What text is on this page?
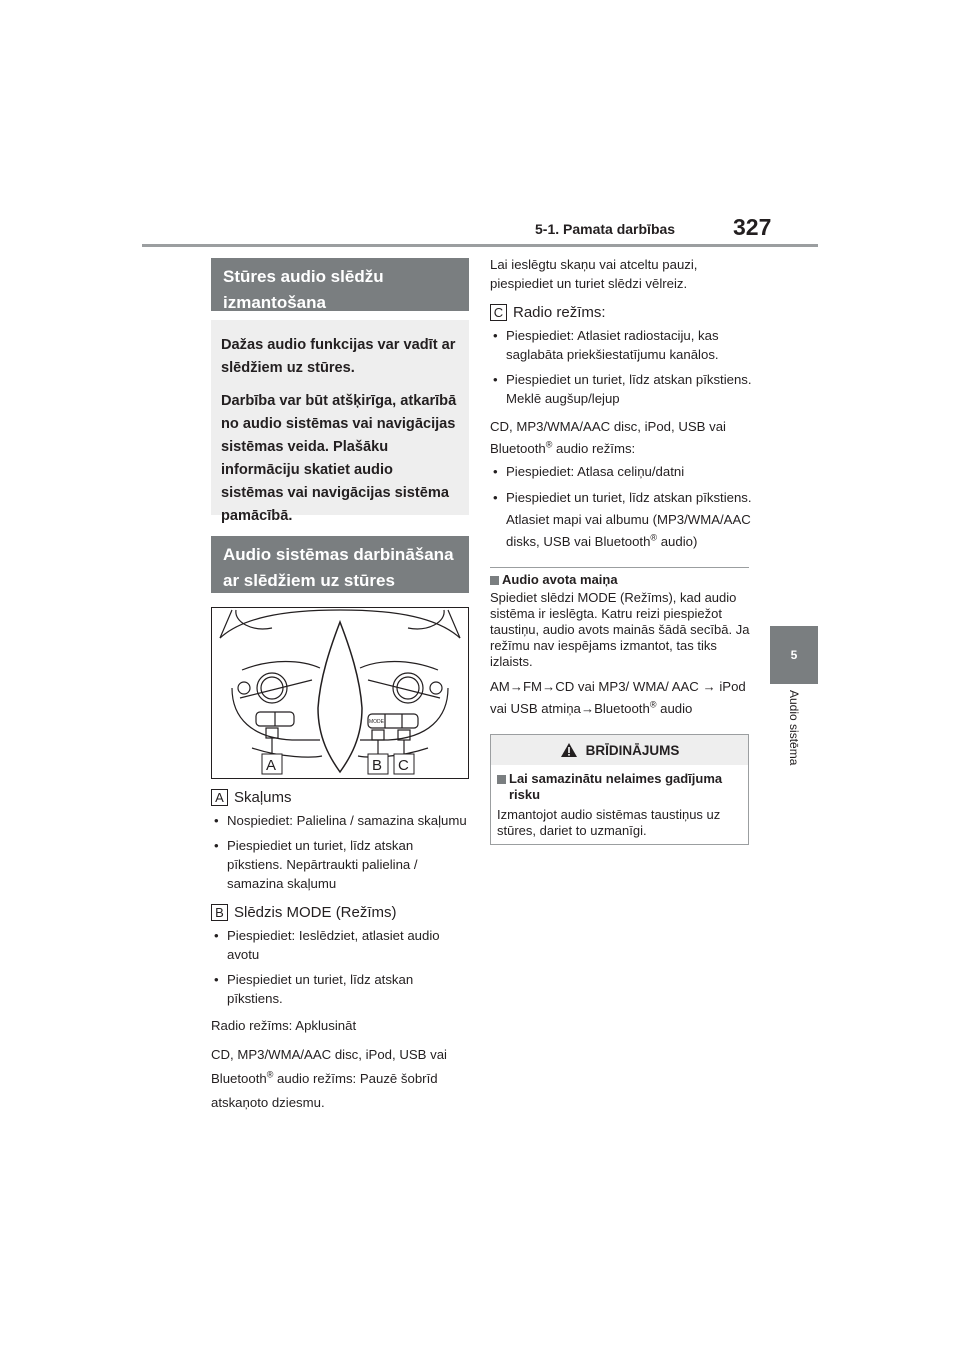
5-1. Pamata darbības	327
5
Audio sistēma
Stūres audio slēdžu izmantošana

Dažas audio funkcijas var vadīt ar slēdžiem uz stūres.

Darbība var būt atšķirīga, atkarībā no audio sistēmas vai navigācijas sistēmas veida. Plašāku informāciju skatiet audio sistēmas vai navigācijas sistēma pamācībā.

Audio sistēmas darbināšana ar slēdžiem uz stūres
MODE
A	B C
A Skaļums

• Nospiediet: Palielina / samazina skaļumu

• Piespiediet un turiet, līdz atskan pīkstiens. Nepārtraukti palielina / samazina skaļumu

B Slēdzis MODE (Režīms)

• Piespiediet: Ieslēdziet, atlasiet audio avotu

• Piespiediet un turiet, līdz atskan pīkstiens.

Radio režīms: Apklusināt

CD, MP3/WMA/AAC disc, iPod, USB vai Bluetooth® audio režīms: Pauzē šobrīd atskaņoto dziesmu.

Lai ieslēgtu skaņu vai atceltu pauzi, piespiediet un turiet slēdzi vēlreiz.

C Radio režīms:

• Piespiediet: Atlasiet radiostaciju, kas saglabāta priekšiestatījumu kanālos.

• Piespiediet un turiet, līdz atskan pīkstiens. Meklē augšup/lejup

CD, MP3/WMA/AAC disc, iPod, USB vai Bluetooth® audio režīms:

• Piespiediet: Atlasa celiņu/datni

• Piespiediet un turiet, līdz atskan pīkstiens. Atlasiet mapi vai albumu (MP3/WMA/AAC disks, USB vai Bluetooth® audio)

Audio avota maiņa

Spiediet slēdzi MODE (Režīms), kad audio sistēma ir ieslēgta. Katru reizi piespiežot taustiņu, audio avots mainās šādā secībā. Ja režīmu nav iespējams izmantot, tas tiks izlaists.

AM→FM→CD vai MP3/ WMA/ AAC → iPod vai USB atmiņa→Bluetooth® audio

BRĪDINĀJUMS

Lai samazinātu nelaimes gadījuma risku

Izmantojot audio sistēmas taustiņus uz stūres, dariet to uzmanīgi.
